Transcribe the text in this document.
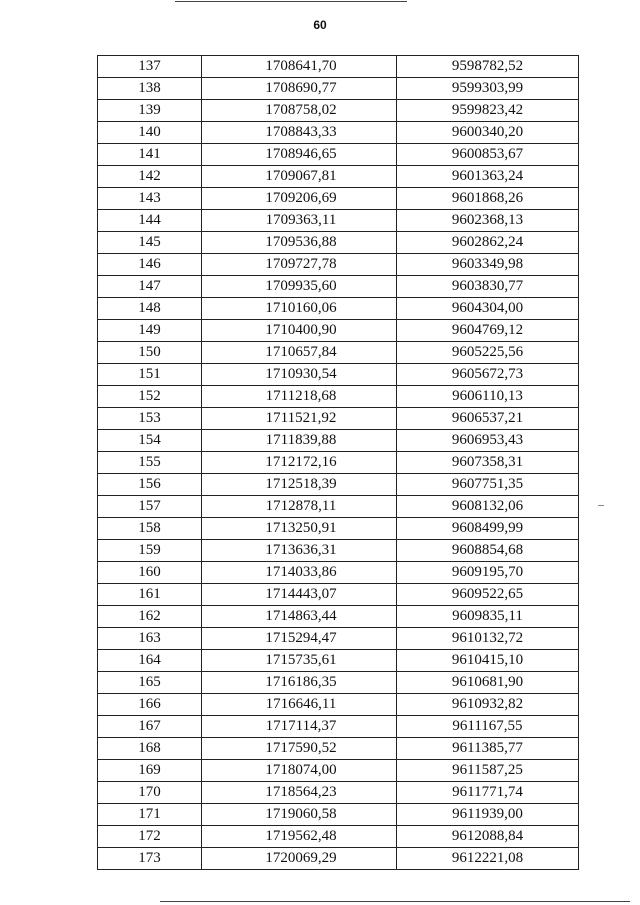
60
137	1708641,70	9598782,52
138	1708690,77	9599303,99
139	1708758,02	9599823,42
140	1708843,33	9600340,20
141	1708946,65	9600853,67
142	1709067,81	9601363,24
143	1709206,69	9601868,26
144	1709363,11	9602368,13
145	1709536,88	9602862,24
146	1709727,78	9603349,98
147	1709935,60	9603830,77
148	1710160,06	9604304,00
149	1710400,90	9604769,12
150	1710657,84	9605225,56
151	1710930,54	9605672,73
152	1711218,68	9606110,13
153	1711521,92	9606537,21
154	1711839,88	9606953,43
155	1712172,16	9607358,31
156	1712518,39	9607751,35
157	1712878,11	9608132,06
158	1713250,91	9608499,99
159	1713636,31	9608854,68
160	1714033,86	9609195,70
161	1714443,07	9609522,65
162	1714863,44	9609835,11
163	1715294,47	9610132,72
164	1715735,61	9610415,10
165	1716186,35	9610681,90
166	1716646,11	9610932,82
167	1717114,37	9611167,55
168	1717590,52	9611385,77
169	1718074,00	9611587,25
170	1718564,23	9611771,74
171	1719060,58	9611939,00
172	1719562,48	9612088,84
173	1720069,29	9612221,08
